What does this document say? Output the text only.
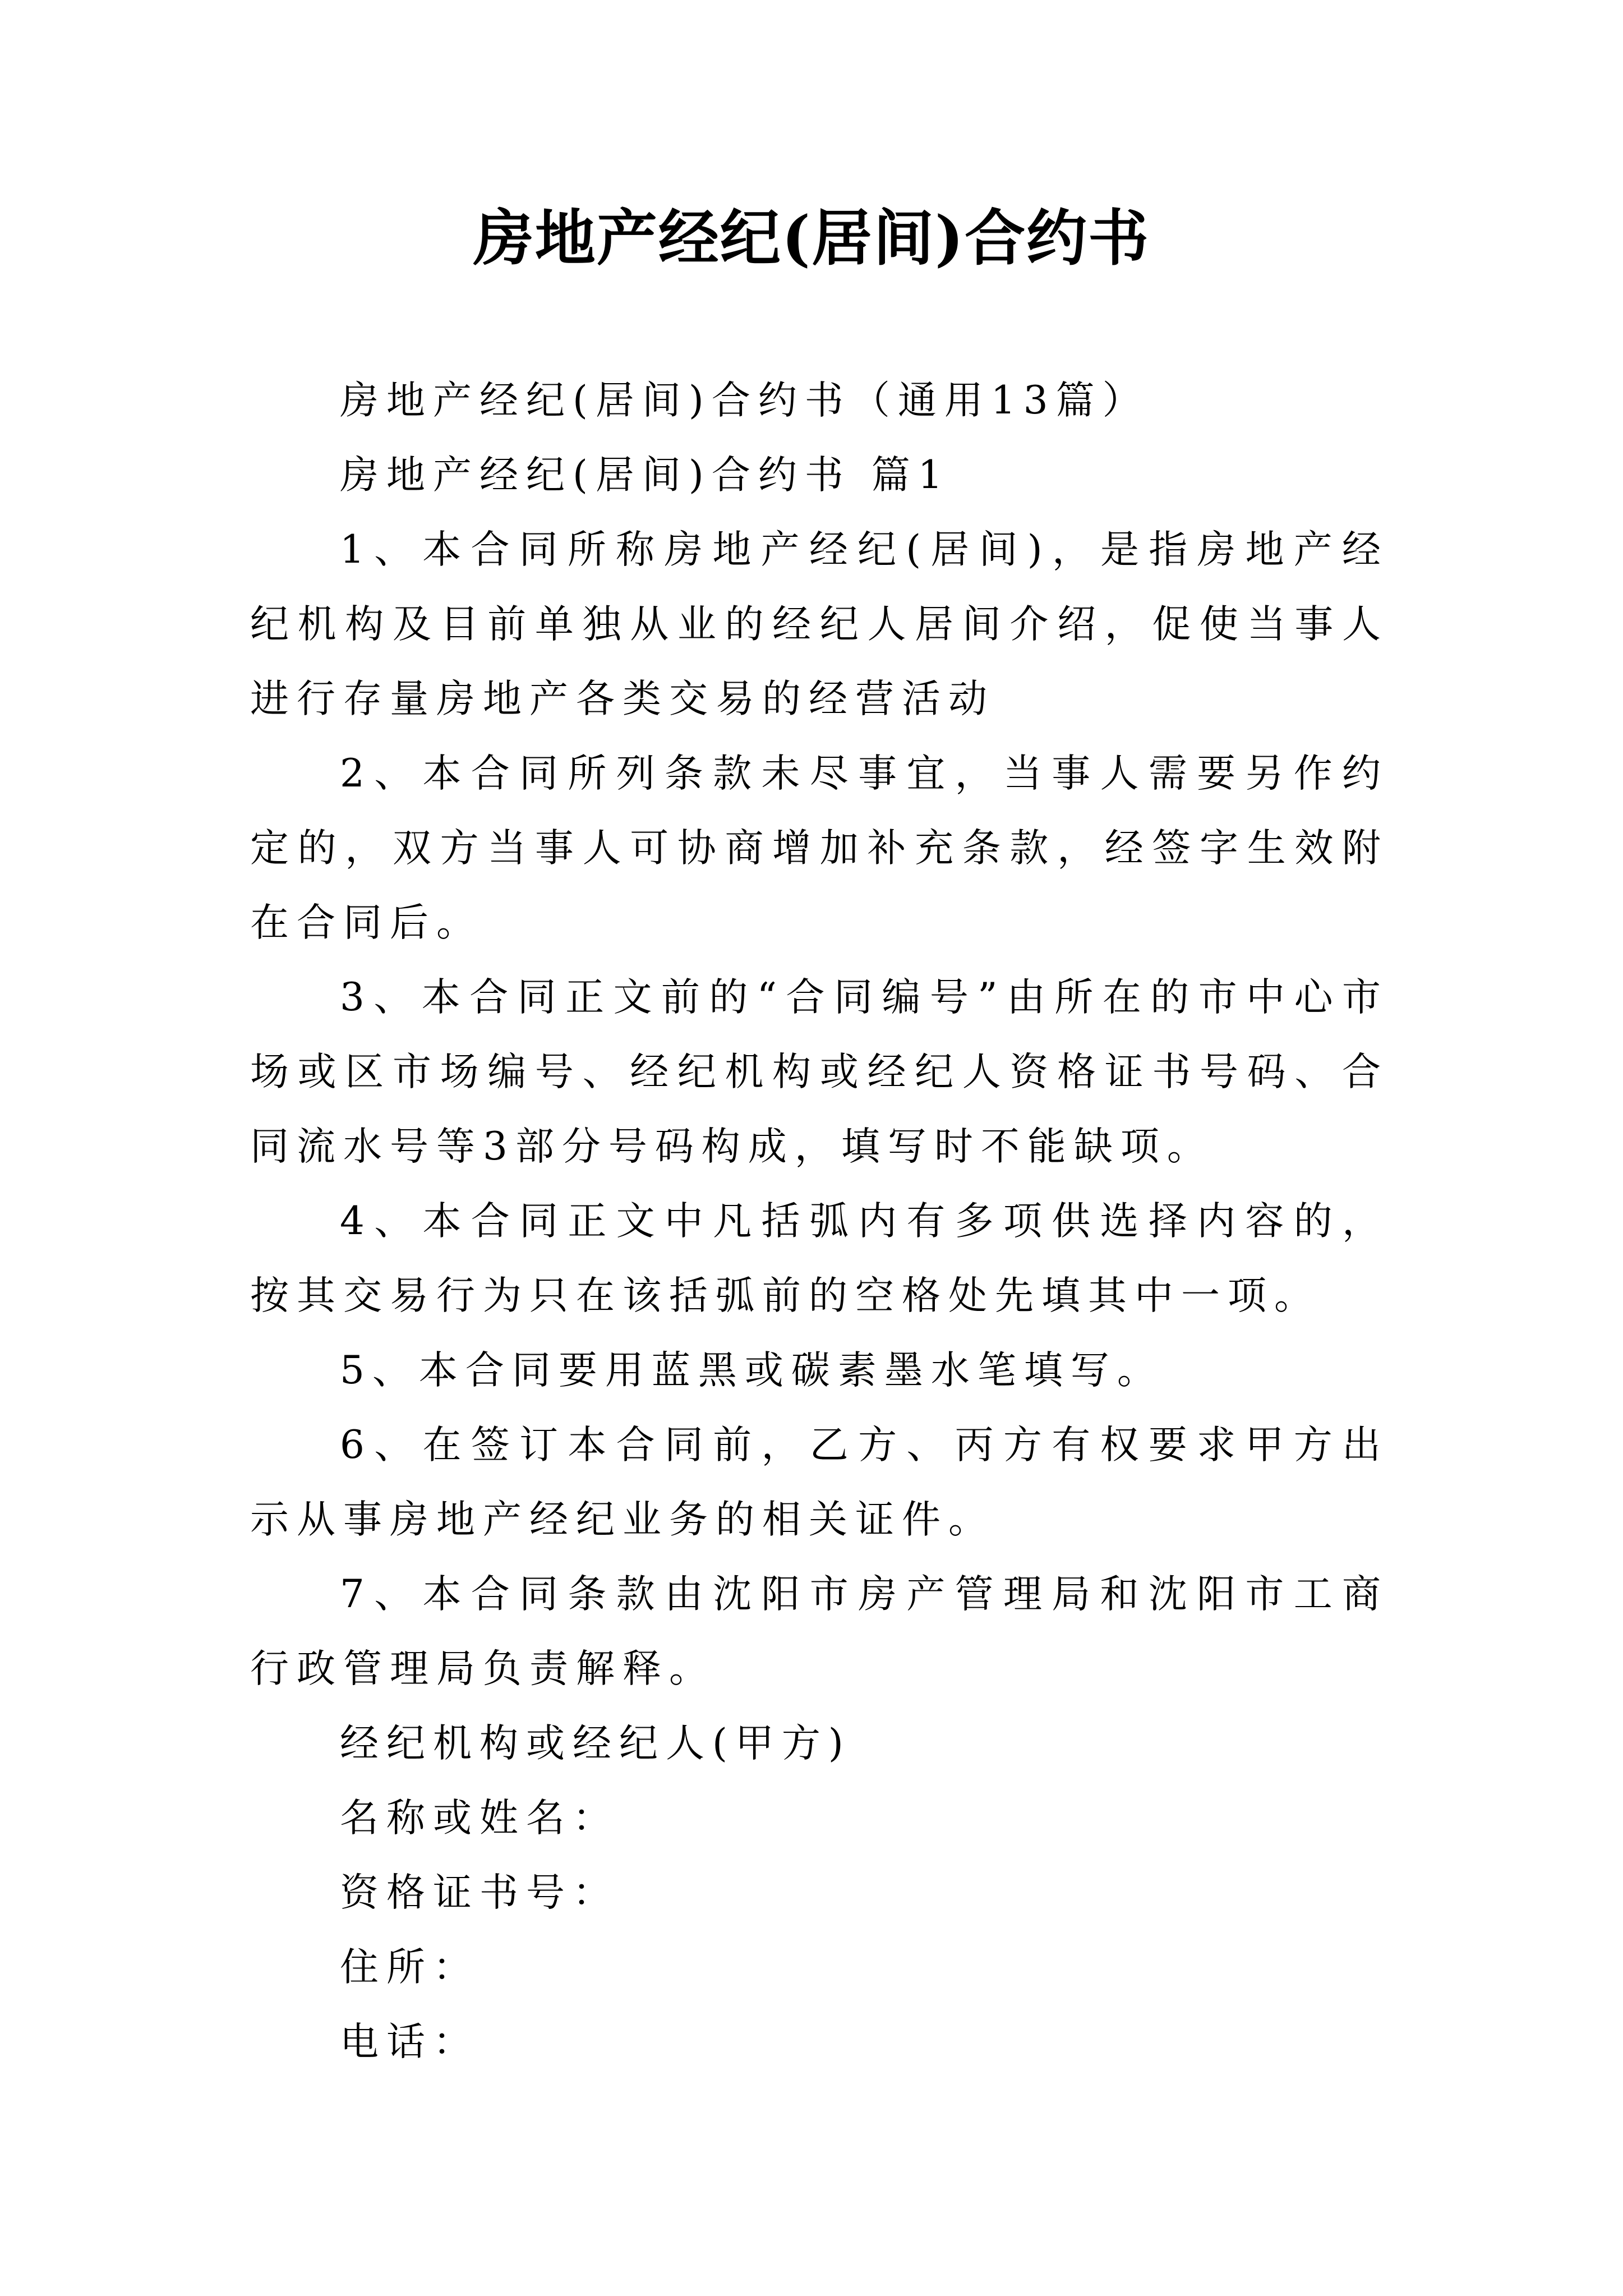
房地产经纪(居间)合约书

房地产经纪(居间)合约书（通用13篇）

房地产经纪(居间)合约书 篇1

1、本合同所称房地产经纪(居间)，是指房地产经纪机构及目前单独从业的经纪人居间介绍，促使当事人进行存量房地产各类交易的经营活动

2、本合同所列条款未尽事宜，当事人需要另作约定的，双方当事人可协商增加补充条款，经签字生效附在合同后。

3、本合同正文前的“合同编号”由所在的市中心市场或区市场编号、经纪机构或经纪人资格证书号码、合同流水号等3部分号码构成，填写时不能缺项。

4、本合同正文中凡括弧内有多项供选择内容的，按其交易行为只在该括弧前的空格处先填其中一项。

5、本合同要用蓝黑或碳素墨水笔填写。

6、在签订本合同前，乙方、丙方有权要求甲方出示从事房地产经纪业务的相关证件。

7、本合同条款由沈阳市房产管理局和沈阳市工商行政管理局负责解释。

经纪机构或经纪人(甲方)

名称或姓名：

资格证书号：

住所：

电话：
